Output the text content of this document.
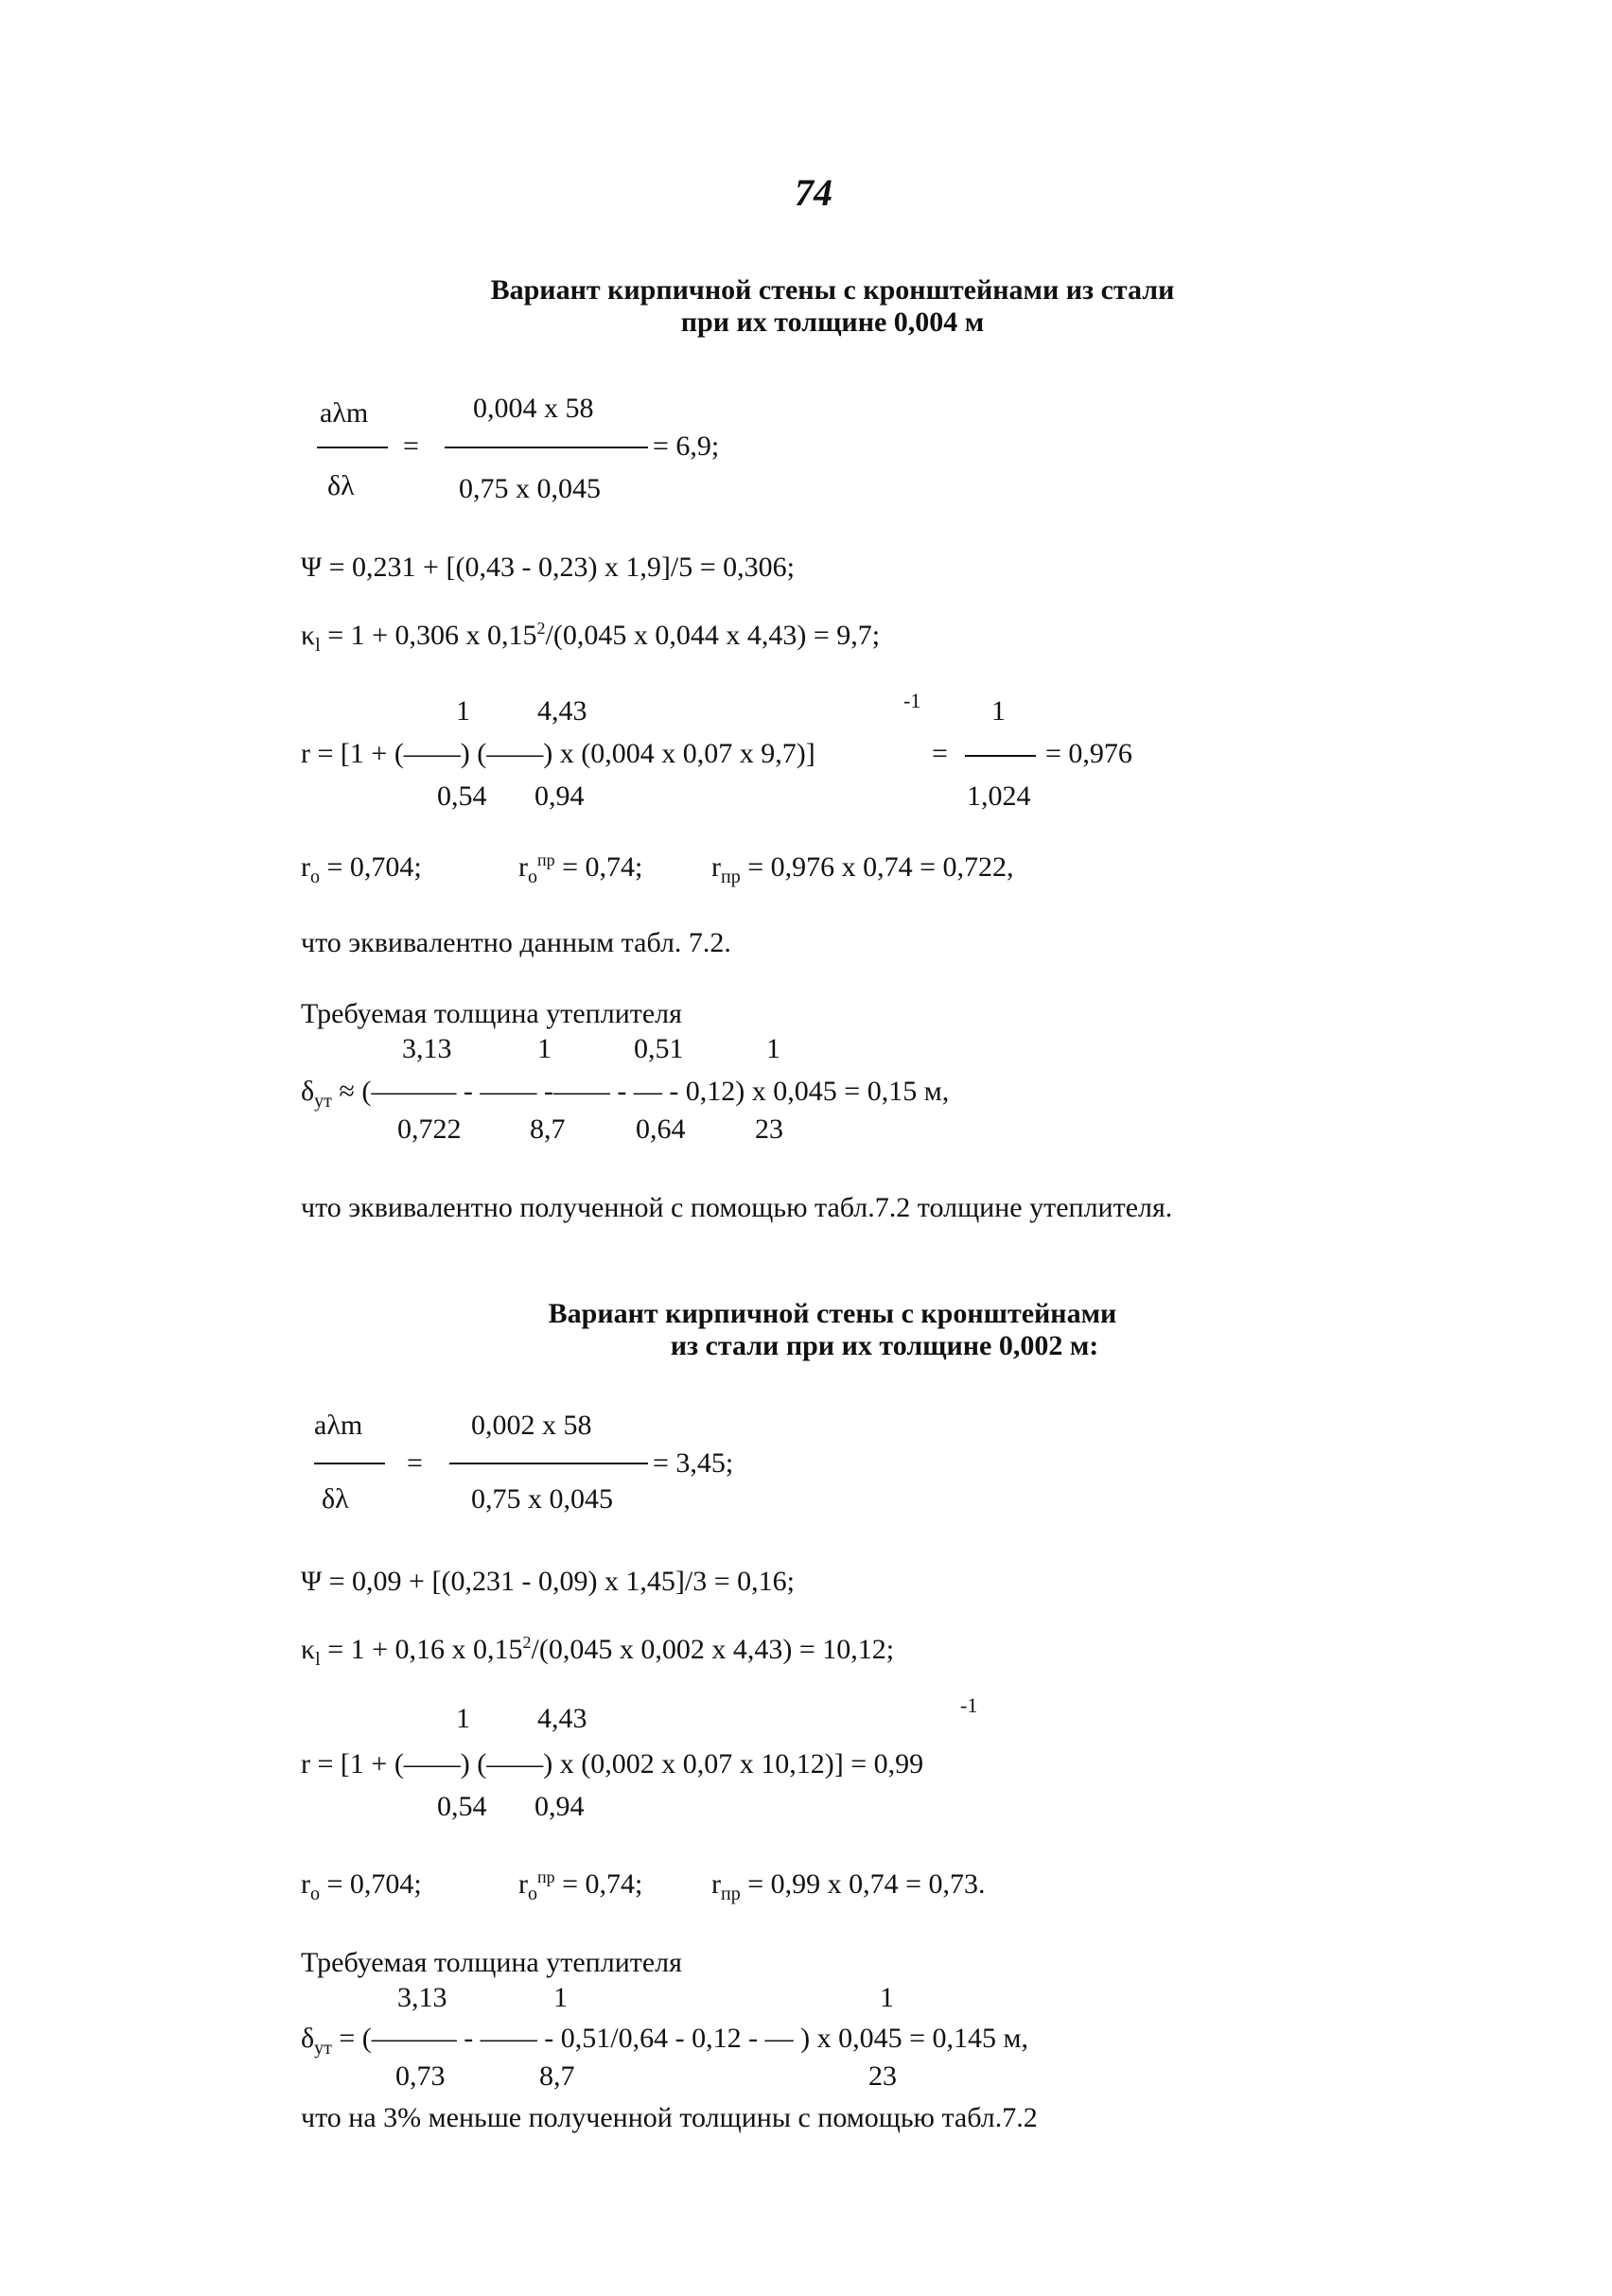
74
Вариант кирпичной стены с кронштейнами из стали
при их толщине 0,004 м
aλm
=
δλ
0,004 x 58
= 6,9;
0,75 x 0,045
Ψ = 0,231 + [(0,43 - 0,23) x 1,9]/5 = 0,306;
$\kappa_l = 1 + 0,306$ x 0,15$^2$/(0,045 x 0,044 x 4,43) = 9,7;
1 4,43	-1 1
r = [1 + (——) (——) x (0,004 x 0,07 x 9,7)]	=	= 0,976
0,54 0,94	1,024
$r_o = 0,704$;	$r_o^{пр} = 0,74$; $r_{пр} = 0,976$ x 0,74 = 0,722,
что эквивалентно данным табл. 7.2.
Требуемая толщина утеплителя
3,13	1	0,51	1
$\delta_{ут}$ ≈ (——— - —— -—— - — - 0,12) x 0,045 = 0,15 м,
0,722 8,7 0,64 23
что эквивалентно полученной с помощью табл.7.2 толщине утеплителя.
Вариант кирпичной стены с кронштейнами
из стали при их толщине 0,002 м:
aλm
=
δλ
0,002 x 58
= 3,45;
0,75 x 0,045
Ψ = 0,09 + [(0,231 - 0,09) x 1,45]/3 = 0,16;
$\kappa_l = 1 + 0,16$ x 0,15$^2$/(0,045 x 0,002 x 4,43) = 10,12;
1 4,43	-1
r = [1 + (——) (——) x (0,002 x 0,07 x 10,12)] = 0,99
0,54 0,94
$r_o = 0,704$;	$r_o^{пр} = 0,74$; $r_{пр} = 0,99$ x 0,74 = 0,73.
Требуемая толщина утеплителя
3,13	1	1
$\delta_{ут}$ = (——— - —— - 0,51/0,64 - 0,12 - — ) x 0,045 = 0,145 м,
0,73	8,7	23
что на 3% меньше полученной толщины с помощью табл.7.2
